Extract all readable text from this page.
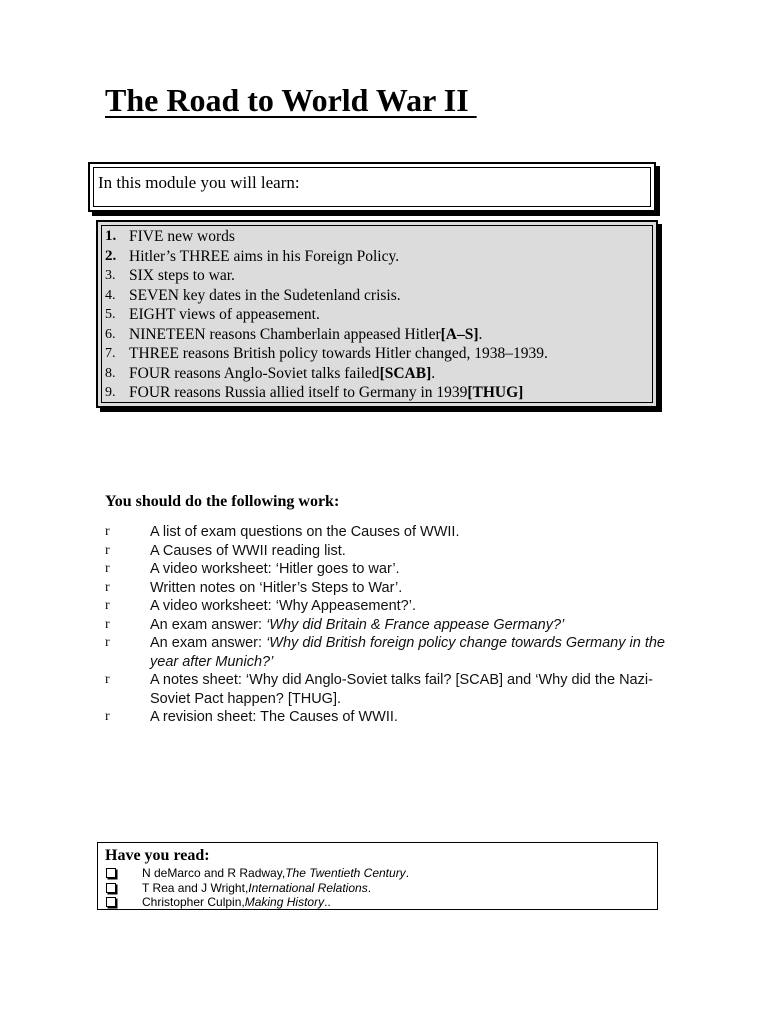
The Road to World War II
In this module you will learn:
1. FIVE new words
2. Hitler’s THREE aims in his Foreign Policy.
3. SIX steps to war.
4. SEVEN key dates in the Sudetenland crisis.
5. EIGHT views of appeasement.
6. NINETEEN reasons Chamberlain appeased Hitler [A–S] .
7. THREE reasons British policy towards Hitler changed, 1938–1939.
8. FOUR reasons Anglo-Soviet talks failed [SCAB] .
9. FOUR reasons Russia allied itself to Germany in 1939 [THUG]
You should do the following work:
r	A list of exam questions on the Causes of WWII.
r	A Causes of WWII reading list.
r	A video worksheet: ‘Hitler goes to war’.
r	Written notes on ‘Hitler’s Steps to War’.
r	A video worksheet: ‘Why Appeasement?’.
r	An exam answer: ‘Why did Britain & France appease Germany?’
r	An exam answer: ‘Why did British foreign policy change towards Germany in the year after Munich?’
r	A notes sheet: ‘Why did Anglo-Soviet talks fail? [SCAB] and ‘Why did the Nazi-Soviet Pact happen? [THUG].
r	A revision sheet: The Causes of WWII.
Have you read:
N deMarco and R Radway, The Twentieth Century .
T Rea and J Wright, International Relations .
Christopher Culpin, Making History ..
